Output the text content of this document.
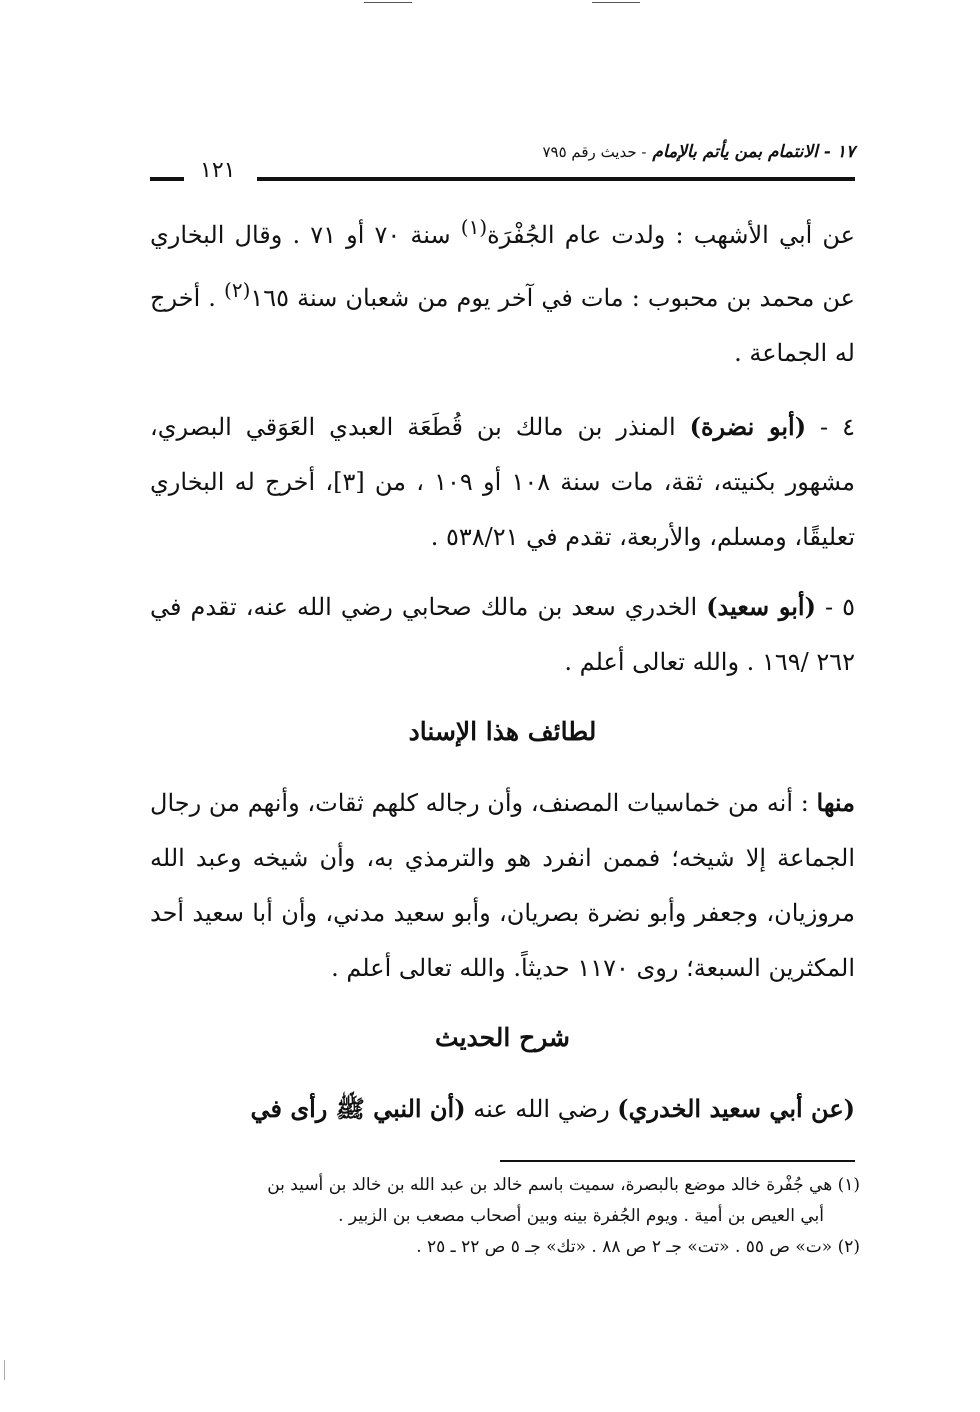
١٧ - الانتمام بمن يأتم بالإمام - حديث رقم ٧٩٥
١٢١

عن أبي الأشهب : ولدت عام الجُفْرَة$^{(١)}$ سنة ٧٠ أو ٧١ . وقال البخاري عن محمد بن محبوب : مات في آخر يوم من شعبان سنة ١٦٥$^{(٢)}$ . أخرج له الجماعة .

٤ - (أبو نضرة) المنذر بن مالك بن قُطَعَة العبدي العَوَقي البصري، مشهور بكنيته، ثقة، مات سنة ١٠٨ أو ١٠٩ ، من [٣]، أخرج له البخاري تعليقًا، ومسلم، والأربعة، تقدم في ٥٣٨/٢١ .

٥ - (أبو سعيد) الخدري سعد بن مالك صحابي رضي الله عنه، تقدم في ٢٦٢ /١٦٩ . والله تعالى أعلم .

لطائف هذا الإسناد

منها : أنه من خماسيات المصنف، وأن رجاله كلهم ثقات، وأنهم من رجال الجماعة إلا شيخه؛ فممن انفرد هو والترمذي به، وأن شيخه وعبد الله مروزيان، وجعفر وأبو نضرة بصريان، وأبو سعيد مدني، وأن أبا سعيد أحد المكثرين السبعة؛ روى ١١٧٠ حديثاً. والله تعالى أعلم .

شرح الحديث

(عن أبي سعيد الخدري) رضي الله عنه (أن النبي ﷺ رأى في

(١) هي جُفْرة خالد موضع بالبصرة، سميت باسم خالد بن عبد الله بن خالد بن أسيد بن

أبي العيص بن أمية . ويوم الجُفرة بينه وبين أصحاب مصعب بن الزبير .

(٢) «ت» ص ٥٥ . «تت» جـ ٢ ص ٨٨ . «تك» جـ ٥ ص ٢٢ ـ ٢٥ .
